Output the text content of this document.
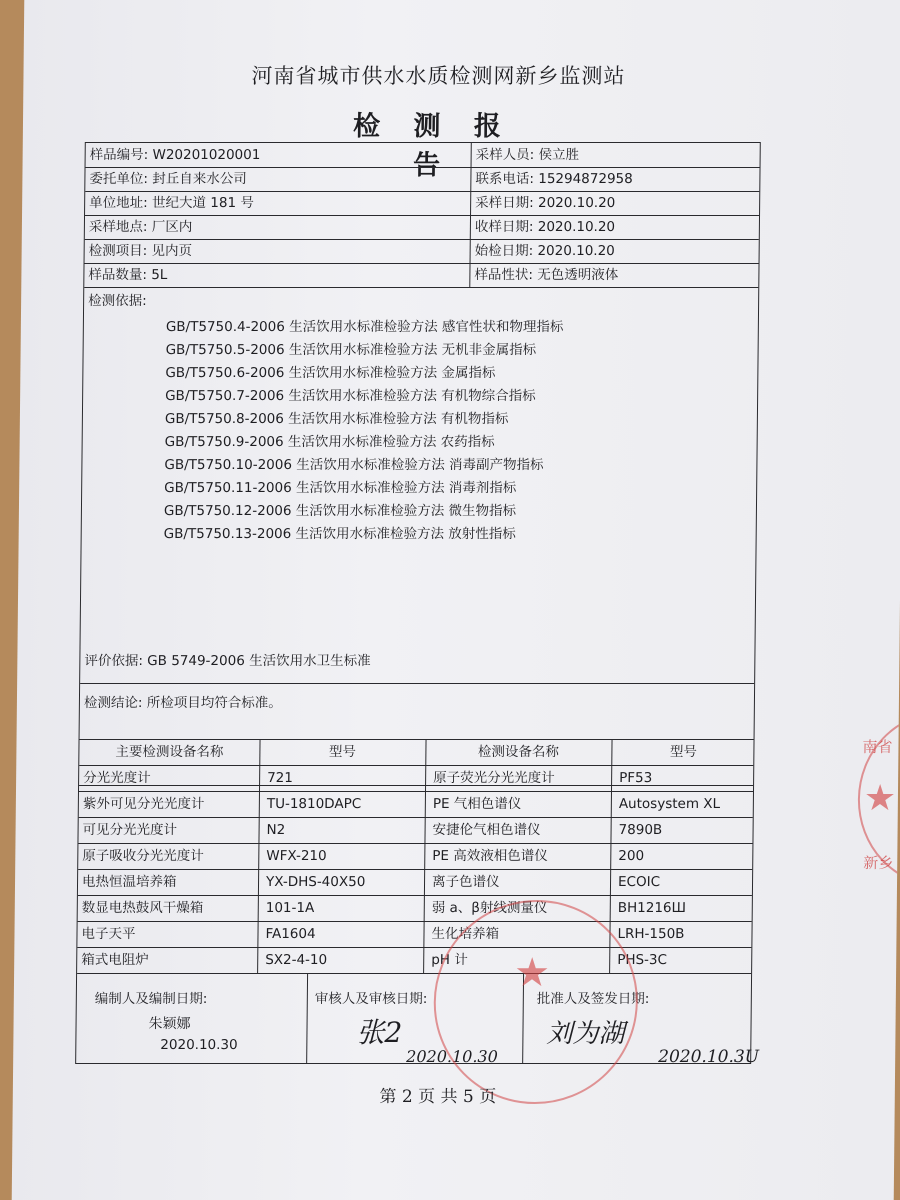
河南省城市供水水质检测网新乡监测站
检 测 报 告
样品编号: W20201020001	采样人员: 侯立胜
委托单位: 封丘自来水公司	联系电话: 15294872958
单位地址: 世纪大道 181 号	采样日期: 2020.10.20
采样地点: 厂区内	收样日期: 2020.10.20
检测项目: 见内页	始检日期: 2020.10.20
样品数量: 5L	样品性状: 无色透明液体
检测依据:
GB/T5750.4-2006 生活饮用水标准检验方法 感官性状和物理指标
GB/T5750.5-2006 生活饮用水标准检验方法 无机非金属指标
GB/T5750.6-2006 生活饮用水标准检验方法 金属指标
GB/T5750.7-2006 生活饮用水标准检验方法 有机物综合指标
GB/T5750.8-2006 生活饮用水标准检验方法 有机物指标
GB/T5750.9-2006 生活饮用水标准检验方法 农药指标
GB/T5750.10-2006 生活饮用水标准检验方法 消毒副产物指标
GB/T5750.11-2006 生活饮用水标准检验方法 消毒剂指标
GB/T5750.12-2006 生活饮用水标准检验方法 微生物指标
GB/T5750.13-2006 生活饮用水标准检验方法 放射性指标
评价依据: GB 5749-2006 生活饮用水卫生标准
检测结论: 所检项目均符合标准。
主要检测设备名称	型号	检测设备名称	型号
分光光度计	721	原子荧光分光光度计	PF53
紫外可见分光光度计	TU-1810DAPC	PE 气相色谱仪	Autosystem XL
可见分光光度计	N2	安捷伦气相色谱仪	7890B
原子吸收分光光度计	WFX-210	PE 高效液相色谱仪	200
电热恒温培养箱	YX-DHS-40X50	离子色谱仪	ECOIC
数显电热鼓风干燥箱	101-1A	弱 a、β射线测量仪	BH1216Ш
电子天平	FA1604	生化培养箱	LRH-150B
箱式电阻炉	SX2-4-10	pH 计	PHS-3C
编制人及编制日期:
朱颖娜
2020.10.30
审核人及审核日期:
张2
2020.10.30
批准人及签发日期:
刘为湖
2020.10.3U
★
南省
★
新乡
第 2 页 共 5 页
